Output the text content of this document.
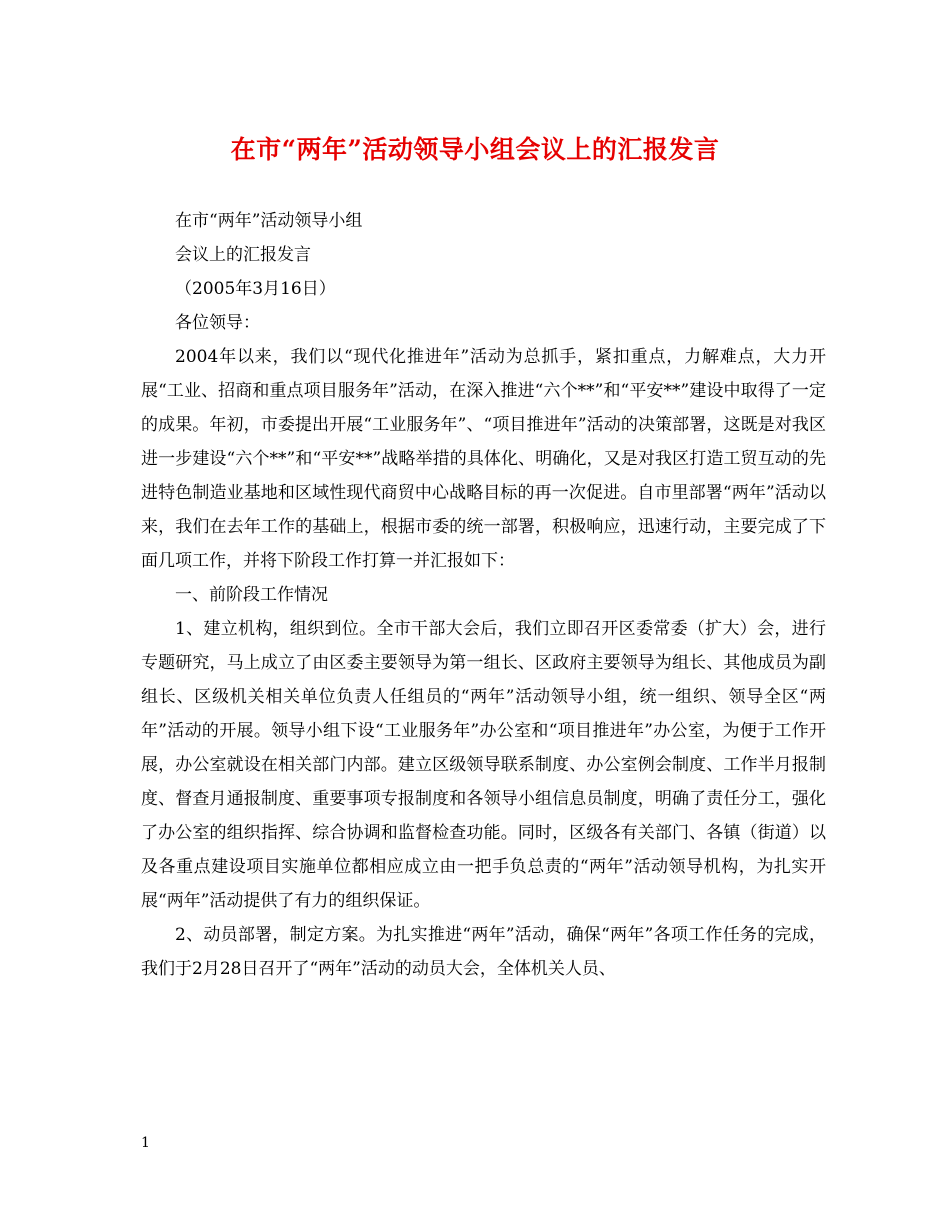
在市“两年”活动领导小组会议上的汇报发言

在市“两年”活动领导小组

会议上的汇报发言

（2005年3月16日）

各位领导：

2004年以来，我们以“现代化推进年”活动为总抓手，紧扣重点，力解难点，大力开展“工业、招商和重点项目服务年”活动，在深入推进“六个**”和“平安**”建设中取得了一定的成果。年初，市委提出开展“工业服务年”、“项目推进年”活动的决策部署，这既是对我区进一步建设“六个**”和“平安**”战略举措的具体化、明确化，又是对我区打造工贸互动的先进特色制造业基地和区域性现代商贸中心战略目标的再一次促进。自市里部署“两年”活动以来，我们在去年工作的基础上，根据市委的统一部署，积极响应，迅速行动，主要完成了下面几项工作，并将下阶段工作打算一并汇报如下：

一、前阶段工作情况

1、建立机构，组织到位。全市干部大会后，我们立即召开区委常委（扩大）会，进行专题研究，马上成立了由区委主要领导为第一组长、区政府主要领导为组长、其他成员为副组长、区级机关相关单位负责人任组员的“两年”活动领导小组，统一组织、领导全区“两年”活动的开展。领导小组下设“工业服务年”办公室和“项目推进年”办公室，为便于工作开展，办公室就设在相关部门内部。建立区级领导联系制度、办公室例会制度、工作半月报制度、督查月通报制度、重要事项专报制度和各领导小组信息员制度，明确了责任分工，强化了办公室的组织指挥、综合协调和监督检查功能。同时，区级各有关部门、各镇（街道）以及各重点建设项目实施单位都相应成立由一把手负总责的“两年”活动领导机构，为扎实开展“两年”活动提供了有力的组织保证。

2、动员部署，制定方案。为扎实推进“两年”活动，确保“两年”各项工作任务的完成，我们于2月28日召开了“两年”活动的动员大会，全体机关人员、

1
